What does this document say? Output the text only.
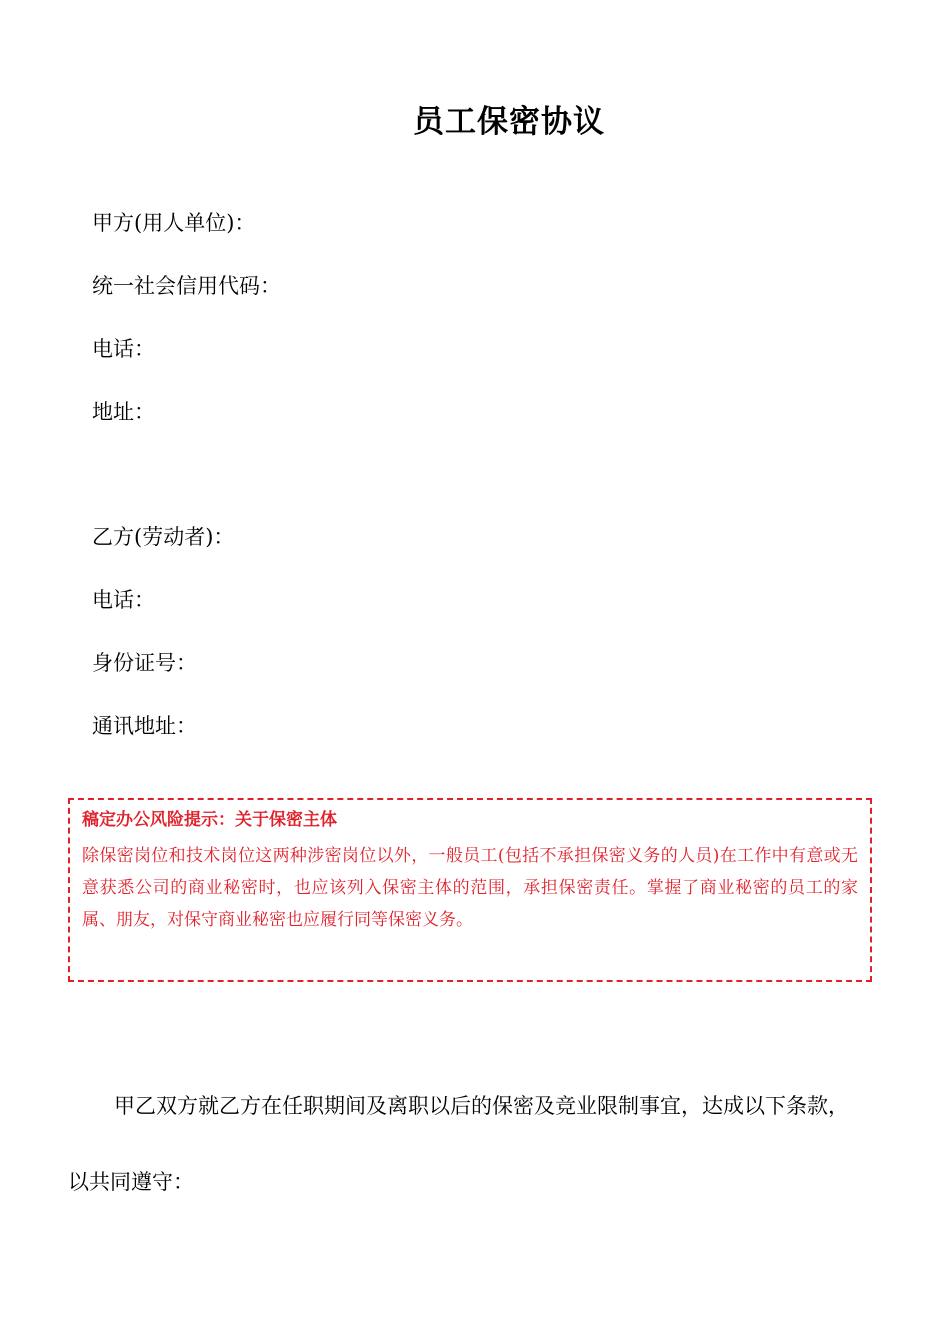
员工保密协议
甲方(用人单位)：
统一社会信用代码：
电话：
地址：
乙方(劳动者)：
电话：
身份证号：
通讯地址：
稿定办公风险提示：关于保密主体
除保密岗位和技术岗位这两种涉密岗位以外，一般员工(包括不承担保密义务的人员)在工作中有意或无意获悉公司的商业秘密时，也应该列入保密主体的范围，承担保密责任。掌握了商业秘密的员工的家属、朋友，对保守商业秘密也应履行同等保密义务。
甲乙双方就乙方在任职期间及离职以后的保密及竞业限制事宜，达成以下条款，
以共同遵守：
